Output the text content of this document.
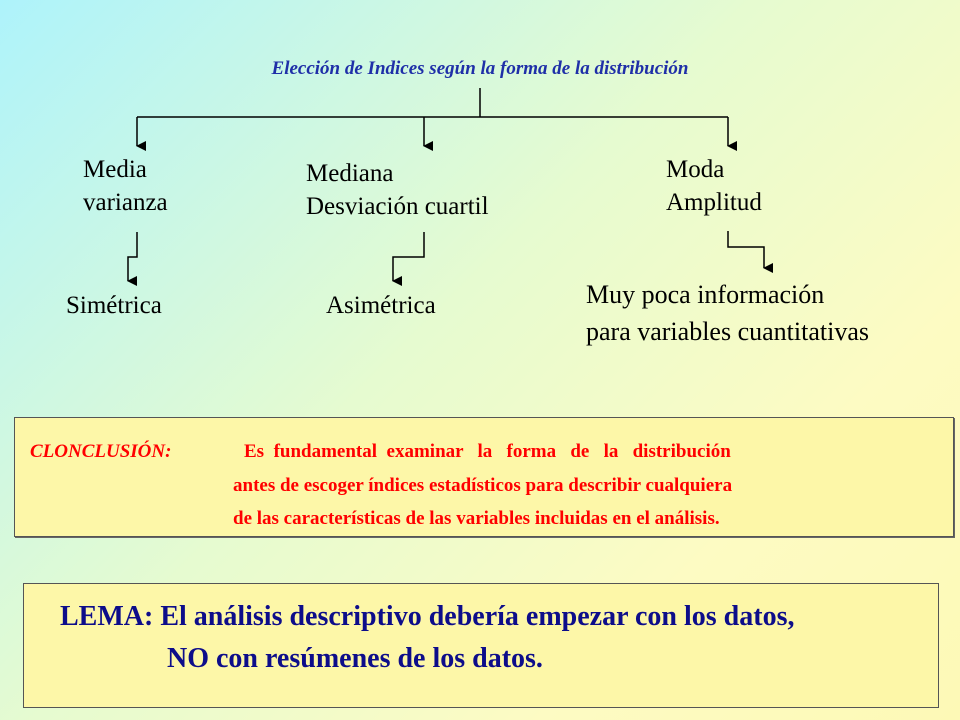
Elección de Indices según la forma de la distribución
Media
varianza
Simétrica
Mediana
Desviación cuartil
Asimétrica
Moda
Amplitud
Muy poca información
para variables cuantitativas
CLONCLUSIÓN:	Es  fundamental  examinar   la   forma   de   la   distribución
antes de escoger índices estadísticos para describir cualquiera
de las características de las variables incluidas en el análisis.
LEMA: El análisis descriptivo debería empezar con los datos,
NO con resúmenes de los datos.
